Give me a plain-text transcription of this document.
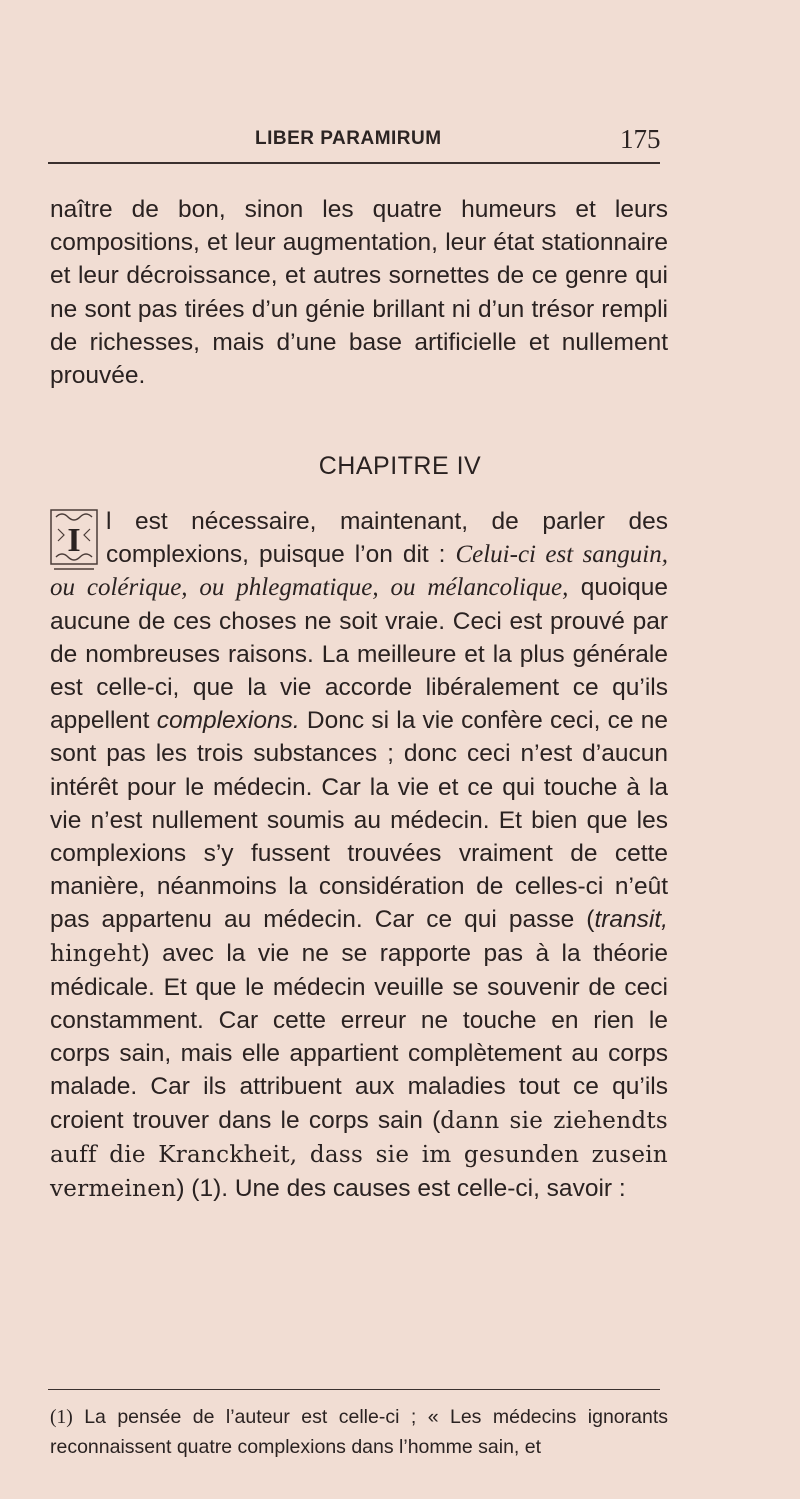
LIBER PARAMIRUM	175
naître de bon, sinon les quatre humeurs et leurs compositions, et leur augmentation, leur état stationnaire et leur décroissance, et autres sornettes de ce genre qui ne sont pas tirées d’un génie brillant ni d’un trésor rempli de richesses, mais d’une base artificielle et nullement prouvée.
CHAPITRE IV
I
l est nécessaire, maintenant, de parler des complexions, puisque l’on dit : Celui-ci est sanguin, ou colérique, ou phlegmatique, ou mélancolique, quoique aucune de ces choses ne soit vraie. Ceci est prouvé par de nombreuses raisons. La meilleure et la plus générale est celle-ci, que la vie accorde libéralement ce qu’ils appellent complexions. Donc si la vie confère ceci, ce ne sont pas les trois substances ; donc ceci n’est d’aucun intérêt pour le médecin. Car la vie et ce qui touche à la vie n’est nullement soumis au médecin. Et bien que les complexions s’y fussent trouvées vraiment de cette manière, néanmoins la considération de celles-ci n’eût pas appartenu au médecin. Car ce qui passe (transit, hingeht) avec la vie ne se rapporte pas à la théorie médicale. Et que le médecin veuille se souvenir de ceci constamment. Car cette erreur ne touche en rien le corps sain, mais elle appartient complètement au corps malade. Car ils attribuent aux maladies tout ce qu’ils croient trouver dans le corps sain (dann sie ziehendts auff die Kranckheit, dass sie im gesunden zusein vermeinen) (1). Une des causes est celle-ci, savoir :
(1) La pensée de l’auteur est celle-ci ; « Les médecins ignorants reconnaissent quatre complexions dans l’homme sain, et
